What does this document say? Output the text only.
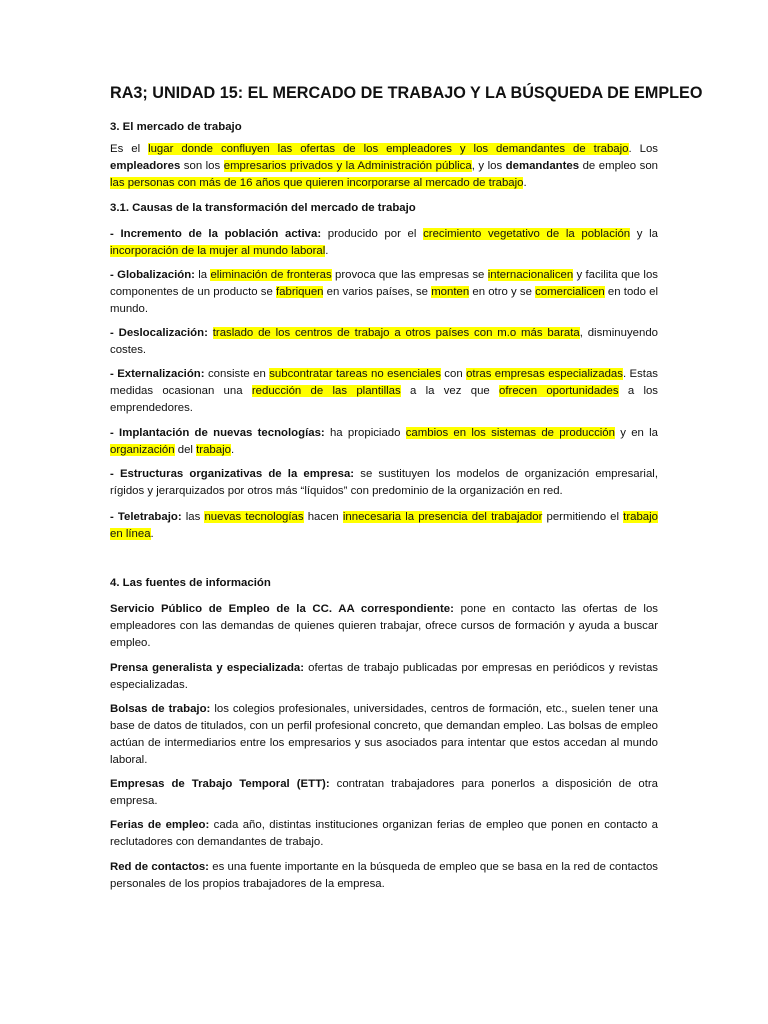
RA3; UNIDAD 15: EL MERCADO DE TRABAJO Y LA BÚSQUEDA DE EMPLEO

3. El mercado de trabajo

Es el lugar donde confluyen las ofertas de los empleadores y los demandantes de trabajo. Los empleadores son los empresarios privados y la Administración pública, y los demandantes de empleo son las personas con más de 16 años que quieren incorporarse al mercado de trabajo.

3.1. Causas de la transformación del mercado de trabajo

- Incremento de la población activa: producido por el crecimiento vegetativo de la población y la incorporación de la mujer al mundo laboral.

- Globalización: la eliminación de fronteras provoca que las empresas se internacionalicen y facilita que los componentes de un producto se fabriquen en varios países, se monten en otro y se comercialicen en todo el mundo.

- Deslocalización: traslado de los centros de trabajo a otros países con m.o más barata, disminuyendo costes.

- Externalización: consiste en subcontratar tareas no esenciales con otras empresas especializadas. Estas medidas ocasionan una reducción de las plantillas a la vez que ofrecen oportunidades a los emprendedores.

- Implantación de nuevas tecnologías: ha propiciado cambios en los sistemas de producción y en la organización del trabajo.

- Estructuras organizativas de la empresa: se sustituyen los modelos de organización empresarial, rígidos y jerarquizados por otros más “líquidos” con predominio de la organización en red.

- Teletrabajo: las nuevas tecnologías hacen innecesaria la presencia del trabajador permitiendo el trabajo en línea.

4. Las fuentes de información

Servicio Público de Empleo de la CC. AA correspondiente: pone en contacto las ofertas de los empleadores con las demandas de quienes quieren trabajar, ofrece cursos de formación y ayuda a buscar empleo.

Prensa generalista y especializada: ofertas de trabajo publicadas por empresas en periódicos y revistas especializadas.

Bolsas de trabajo: los colegios profesionales, universidades, centros de formación, etc., suelen tener una base de datos de titulados, con un perfil profesional concreto, que demandan empleo. Las bolsas de empleo actúan de intermediarios entre los empresarios y sus asociados para intentar que estos accedan al mundo laboral.

Empresas de Trabajo Temporal (ETT): contratan trabajadores para ponerlos a disposición de otra empresa.

Ferias de empleo: cada año, distintas instituciones organizan ferias de empleo que ponen en contacto a reclutadores con demandantes de trabajo.

Red de contactos: es una fuente importante en la búsqueda de empleo que se basa en la red de contactos personales de los propios trabajadores de la empresa.
